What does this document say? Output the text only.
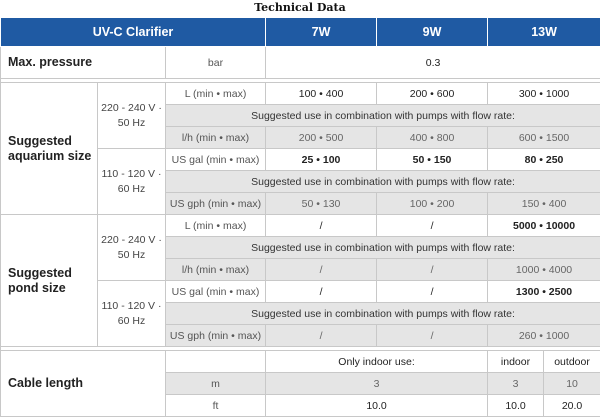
Technical Data
UV-C Clarifier			7W	9W	13W	
Max. pressure		bar	0.3			

Suggested aquarium size	220 - 240 V · 50 Hz	L (min • max)	100 • 400	200 • 600	300 • 1000	
		Suggested use in combination with pumps with flow rate:				
		l/h (min • max)	200 • 500	400 • 800	600 • 1500	
	110 - 120 V · 60 Hz	US gal (min • max)	25 • 100	50 • 150	80 • 250	
		Suggested use in combination with pumps with flow rate:				
		US gph (min • max)	50 • 130	100 • 200	150 • 400	
Suggested pond size	220 - 240 V · 50 Hz	L (min • max)	/	/	5000 • 10000	
		Suggested use in combination with pumps with flow rate:				
		l/h (min • max)	/	/	1000 • 4000	
	110 - 120 V · 60 Hz	US gal (min • max)	/	/	1300 • 2500	
		Suggested use in combination with pumps with flow rate:				
		US gph (min • max)	/	/	260 • 1000	

Cable length			Only indoor use:		indoor	outdoor
		m	3		3	10
		ft	10.0		10.0	20.0
